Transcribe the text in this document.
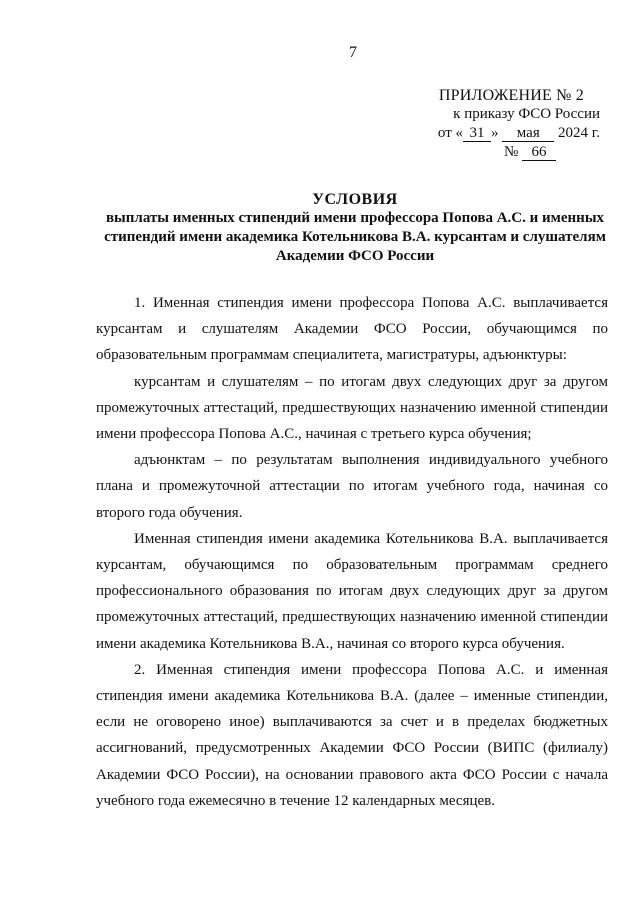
7
ПРИЛОЖЕНИЕ № 2
к приказу ФСО России
от « 31 » мая 2024 г.
№ 66
УСЛОВИЯ
выплаты именных стипендий имени профессора Попова А.С. и именных
стипендий имени академика Котельникова В.А. курсантам и слушателям
Академии ФСО России

1. Именная стипендия имени профессора Попова А.С. выплачивается курсантам и слушателям Академии ФСО России, обучающимся по образовательным программам специалитета, магистратуры, адъюнктуры:

курсантам и слушателям – по итогам двух следующих друг за другом промежуточных аттестаций, предшествующих назначению именной стипендии имени профессора Попова А.С., начиная с третьего курса обучения;

адъюнктам – по результатам выполнения индивидуального учебного плана и промежуточной аттестации по итогам учебного года, начиная со второго года обучения.

Именная стипендия имени академика Котельникова В.А. выплачивается курсантам, обучающимся по образовательным программам среднего профессионального образования по итогам двух следующих друг за другом промежуточных аттестаций, предшествующих назначению именной стипендии имени академика Котельникова В.А., начиная со второго курса обучения.

2. Именная стипендия имени профессора Попова А.С. и именная стипендия имени академика Котельникова В.А. (далее – именные стипендии, если не оговорено иное) выплачиваются за счет и в пределах бюджетных ассигнований, предусмотренных Академии ФСО России (ВИПС (филиалу) Академии ФСО России), на основании правового акта ФСО России с начала учебного года ежемесячно в течение 12 календарных месяцев.
